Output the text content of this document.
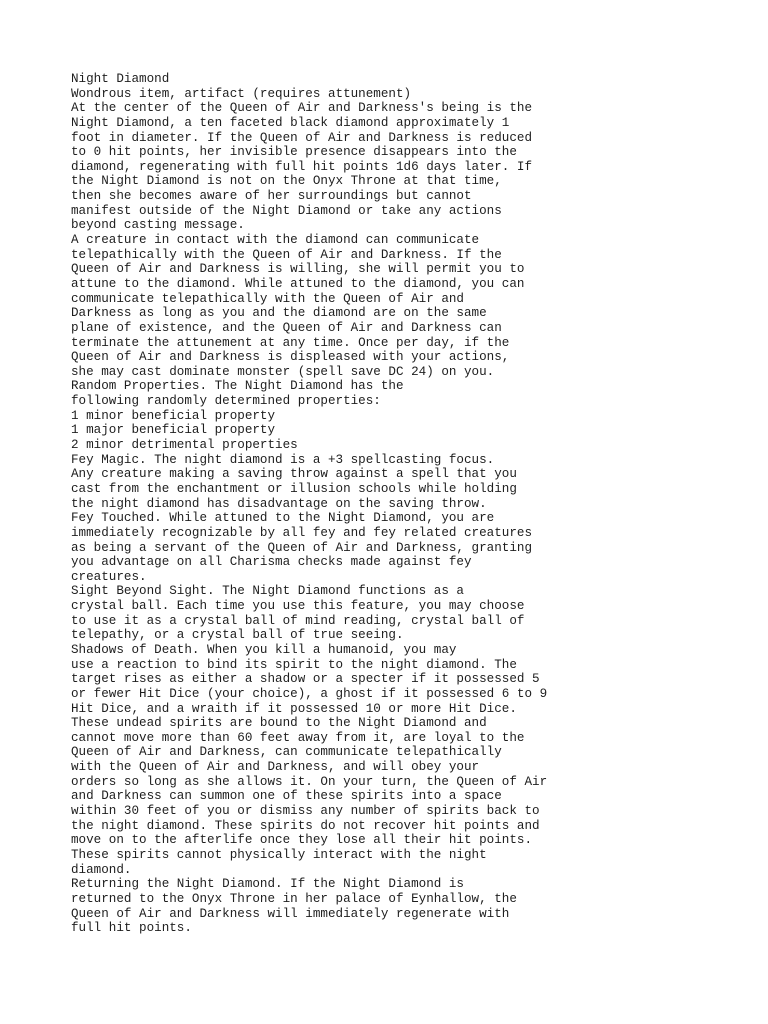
Night Diamond
Wondrous item, artifact (requires attunement)
At the center of the Queen of Air and Darkness's being is the
Night Diamond, a ten faceted black diamond approximately 1
foot in diameter. If the Queen of Air and Darkness is reduced
to 0 hit points, her invisible presence disappears into the
diamond, regenerating with full hit points 1d6 days later. If
the Night Diamond is not on the Onyx Throne at that time,
then she becomes aware of her surroundings but cannot
manifest outside of the Night Diamond or take any actions
beyond casting message.
A creature in contact with the diamond can communicate
telepathically with the Queen of Air and Darkness. If the
Queen of Air and Darkness is willing, she will permit you to
attune to the diamond. While attuned to the diamond, you can
communicate telepathically with the Queen of Air and
Darkness as long as you and the diamond are on the same
plane of existence, and the Queen of Air and Darkness can
terminate the attunement at any time. Once per day, if the
Queen of Air and Darkness is displeased with your actions,
she may cast dominate monster (spell save DC 24) on you.
Random Properties. The Night Diamond has the
following randomly determined properties:
1 minor beneficial property
1 major beneficial property
2 minor detrimental properties
Fey Magic. The night diamond is a +3 spellcasting focus.
Any creature making a saving throw against a spell that you
cast from the enchantment or illusion schools while holding
the night diamond has disadvantage on the saving throw.
Fey Touched. While attuned to the Night Diamond, you are
immediately recognizable by all fey and fey related creatures
as being a servant of the Queen of Air and Darkness, granting
you advantage on all Charisma checks made against fey
creatures.
Sight Beyond Sight. The Night Diamond functions as a
crystal ball. Each time you use this feature, you may choose
to use it as a crystal ball of mind reading, crystal ball of
telepathy, or a crystal ball of true seeing.
Shadows of Death. When you kill a humanoid, you may
use a reaction to bind its spirit to the night diamond. The
target rises as either a shadow or a specter if it possessed 5
or fewer Hit Dice (your choice), a ghost if it possessed 6 to 9
Hit Dice, and a wraith if it possessed 10 or more Hit Dice.
These undead spirits are bound to the Night Diamond and
cannot move more than 60 feet away from it, are loyal to the
Queen of Air and Darkness, can communicate telepathically
with the Queen of Air and Darkness, and will obey your
orders so long as she allows it. On your turn, the Queen of Air
and Darkness can summon one of these spirits into a space
within 30 feet of you or dismiss any number of spirits back to
the night diamond. These spirits do not recover hit points and
move on to the afterlife once they lose all their hit points.
These spirits cannot physically interact with the night
diamond.
Returning the Night Diamond. If the Night Diamond is
returned to the Onyx Throne in her palace of Eynhallow, the
Queen of Air and Darkness will immediately regenerate with
full hit points.
